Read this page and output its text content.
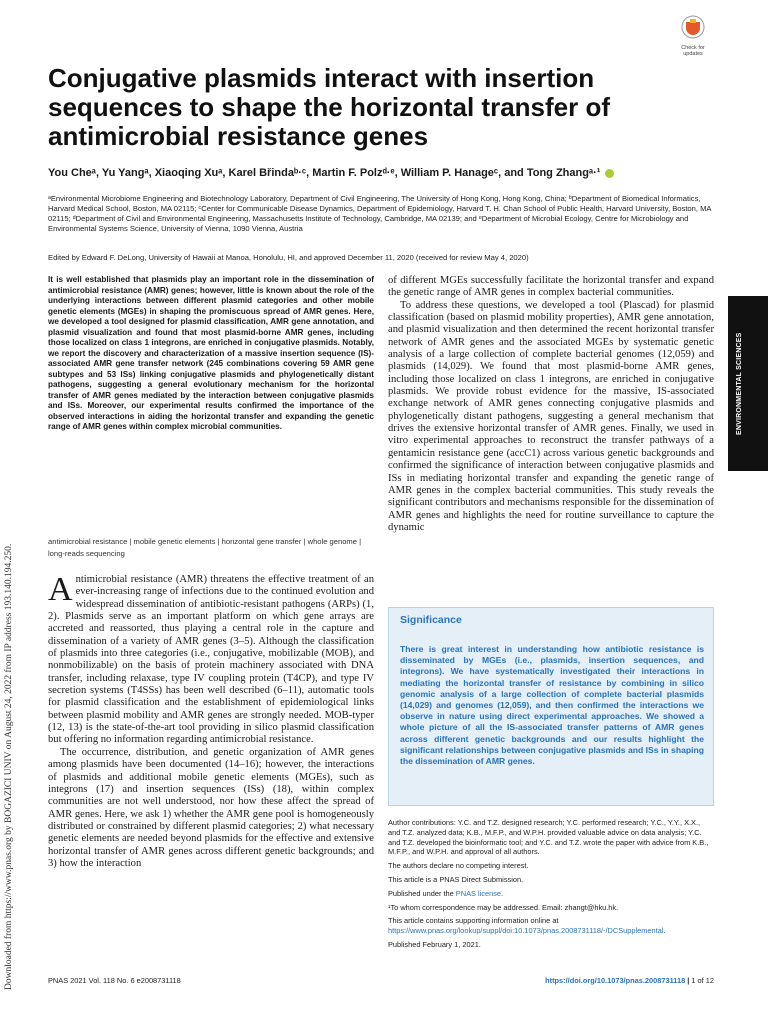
Check for
updates
Conjugative plasmids interact with insertion sequences to shape the horizontal transfer of antimicrobial resistance genes
You Cheᵃ, Yu Yangᵃ, Xiaoqing Xuᵃ, Karel Břindaᵇ·ᶜ, Martin F. Polzᵈ·ᵉ, William P. Hanageᶜ, and Tong Zhangᵃ·¹
ᵃEnvironmental Microbiome Engineering and Biotechnology Laboratory, Department of Civil Engineering, The University of Hong Kong, Hong Kong, China; ᵇDepartment of Biomedical Informatics, Harvard Medical School, Boston, MA 02115; ᶜCenter for Communicable Disease Dynamics, Department of Epidemiology, Harvard T. H. Chan School of Public Health, Harvard University, Boston, MA 02115; ᵈDepartment of Civil and Environmental Engineering, Massachusetts Institute of Technology, Cambridge, MA 02139; and ᵉDepartment of Microbial Ecology, Centre for Microbiology and Environmental Systems Science, University of Vienna, 1090 Vienna, Austria
Edited by Edward F. DeLong, University of Hawaii at Manoa, Honolulu, HI, and approved December 11, 2020 (received for review May 4, 2020)
It is well established that plasmids play an important role in the dissemination of antimicrobial resistance (AMR) genes; however, little is known about the role of the underlying interactions between different plasmid categories and other mobile genetic elements (MGEs) in shaping the promiscuous spread of AMR genes. Here, we developed a tool designed for plasmid classification, AMR gene annotation, and plasmid visualization and found that most plasmid-borne AMR genes, including those localized on class 1 integrons, are enriched in conjugative plasmids. Notably, we report the discovery and characterization of a massive insertion sequence (IS)-associated AMR gene transfer network (245 combinations covering 59 AMR gene subtypes and 53 ISs) linking conjugative plasmids and phylogenetically distant pathogens, suggesting a general evolutionary mechanism for the horizontal transfer of AMR genes mediated by the interaction between conjugative plasmids and ISs. Moreover, our experimental results confirmed the importance of the observed interactions in aiding the horizontal transfer and expanding the genetic range of AMR genes within complex microbial communities.
antimicrobial resistance | mobile genetic elements | horizontal gene transfer | whole genome | long-reads sequencing

Antimicrobial resistance (AMR) threatens the effective treatment of an ever-increasing range of infections due to the continued evolution and widespread dissemination of antibiotic-resistant pathogens (ARPs) (1, 2). Plasmids serve as an important platform on which gene arrays are accreted and reassorted, thus playing a central role in the capture and dissemination of a variety of AMR genes (3–5). Although the classification of plasmids into three categories (i.e., conjugative, mobilizable (MOB), and nonmobilizable) on the basis of protein machinery associated with DNA transfer, including relaxase, type IV coupling protein (T4CP), and type IV secretion systems (T4SSs) has been well described (6–11), automatic tools for plasmid classification and the establishment of epidemiological links between plasmid mobility and AMR genes are strongly needed. MOB-typer (12, 13) is the state-of-the-art tool providing in silico plasmid classification but offering no information regarding antimicrobial resistance.

The occurrence, distribution, and genetic organization of AMR genes among plasmids have been documented (14–16); however, the interactions of plasmids and additional mobile genetic elements (MGEs), such as integrons (17) and insertion sequences (ISs) (18), within complex communities are not well understood, nor how these affect the spread of AMR genes. Here, we ask 1) whether the AMR gene pool is homogeneously distributed or constrained by different plasmid categories; 2) what necessary genetic elements are needed beyond plasmids for the effective and extensive horizontal transfer of AMR genes across different genetic backgrounds; and 3) how the interaction

of different MGEs successfully facilitate the horizontal transfer and expand the genetic range of AMR genes in complex bacterial communities.

To address these questions, we developed a tool (Plascad) for plasmid classification (based on plasmid mobility properties), AMR gene annotation, and plasmid visualization and then determined the recent horizontal transfer network of AMR genes and the associated MGEs by systematic genetic analysis of a large collection of complete bacterial genomes (12,059) and plasmids (14,029). We found that most plasmid-borne AMR genes, including those localized on class 1 integrons, are enriched in conjugative plasmids. We provide robust evidence for the massive, IS-associated exchange network of AMR genes connecting conjugative plasmids and phylogenetically distant pathogens, suggesting a general mechanism that drives the extensive horizontal transfer of AMR genes. Finally, we used in vitro experimental approaches to reconstruct the transfer pathways of a gentamicin resistance gene (accC1) across various genetic backgrounds and confirmed the significance of interaction between conjugative plasmids and ISs in mediating horizontal transfer and expanding the genetic range of AMR genes in the complex bacterial communities. This study reveals the significant contributors and mechanisms responsible for the dissemination of AMR genes and highlights the need for routine surveillance to capture the dynamic

Significance
There is great interest in understanding how antibiotic resistance is disseminated by MGEs (i.e., plasmids, insertion sequences, and integrons). We have systematically investigated their interactions in mediating the horizontal transfer of resistance by combining in silico genomic analysis of a large collection of complete bacterial plasmids (14,029) and genomes (12,059), and then confirmed the interactions we observe in nature using direct experimental approaches. We showed a whole picture of all the IS-associated transfer patterns of AMR genes across different genetic backgrounds and our results highlight the significant relationships between conjugative plasmids and ISs in shaping the dissemination of AMR genes.

Author contributions: Y.C. and T.Z. designed research; Y.C. performed research; Y.C., Y.Y., X.X., and T.Z. analyzed data; K.B., M.F.P., and W.P.H. provided valuable advice on data analysis; Y.C. and T.Z. developed the bioinformatic tool; and Y.C. and T.Z. wrote the paper with advice from K.B., M.F.P., and W.P.H. and approval of all authors.

The authors declare no competing interest.

This article is a PNAS Direct Submission.

Published under the PNAS license.

¹To whom correspondence may be addressed. Email: zhangt@hku.hk.

This article contains supporting information online at https://www.pnas.org/lookup/suppl/doi:10.1073/pnas.2008731118/-/DCSupplemental.

Published February 1, 2021.

ENVIRONMENTAL SCIENCES
Downloaded from https://www.pnas.org by BOGAZICI UNIV on August 24, 2022 from IP address 193.140.194.250.	PNAS 2021 Vol. 118 No. 6 e2008731118	https://doi.org/10.1073/pnas.2008731118 | 1 of 12
